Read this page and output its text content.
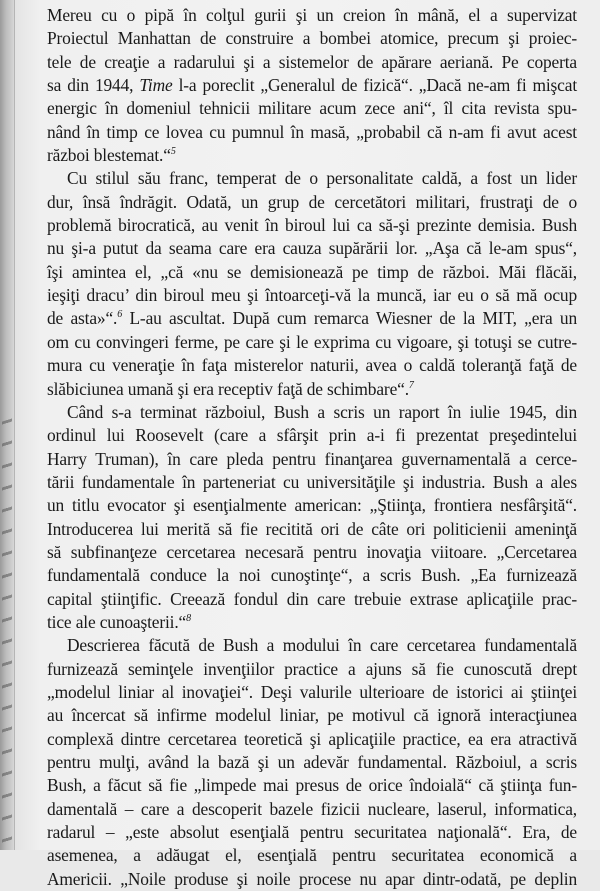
Mereu cu o pipă în colţul gurii şi un creion în mână, el a supervizat
Proiectul Manhattan de construire a bombei atomice, precum şi proiec-
tele de creaţie a radarului şi a sistemelor de apărare aeriană. Pe coperta
sa din 1944, Time l-a poreclit „Generalul de fizică“. „Dacă ne-am fi mişcat
energic în domeniul tehnicii militare acum zece ani“, îl cita revista spu-
nând în timp ce lovea cu pumnul în masă, „probabil că n-am fi avut acest
război blestemat.“$^5$
Cu stilul său franc, temperat de o personalitate caldă, a fost un lider
dur, însă îndrăgit. Odată, un grup de cercetători militari, frustraţi de o
problemă birocratică, au venit în biroul lui ca să-şi prezinte demisia. Bush
nu şi-a putut da seama care era cauza supărării lor. „Aşa că le-am spus“,
îşi amintea el, „că «nu se demisionează pe timp de război. Măi flăcăi,
ieşiţi dracu’ din biroul meu şi întoarceţi-vă la muncă, iar eu o să mă ocup
de asta»“.$^6$ L-au ascultat. După cum remarca Wiesner de la MIT, „era un
om cu convingeri ferme, pe care şi le exprima cu vigoare, şi totuşi se cutre-
mura cu veneraţie în faţa misterelor naturii, avea o caldă toleranţă faţă de
slăbiciunea umană şi era receptiv faţă de schimbare“.$^7$
Când s-a terminat războiul, Bush a scris un raport în iulie 1945, din
ordinul lui Roosevelt (care a sfârşit prin a-i fi prezentat preşedintelui
Harry Truman), în care pleda pentru finanţarea guvernamentală a cerce-
tării fundamentale în parteneriat cu universităţile şi industria. Bush a ales
un titlu evocator şi esenţialmente american: „Ştiinţa, frontiera nesfârşită“.
Introducerea lui merită să fie recitită ori de câte ori politicienii ameninţă
să subfinanţeze cercetarea necesară pentru inovaţia viitoare. „Cercetarea
fundamentală conduce la noi cunoştinţe“, a scris Bush. „Ea furnizează
capital ştiinţific. Creează fondul din care trebuie extrase aplicaţiile prac-
tice ale cunoaşterii.“$^8$
Descrierea făcută de Bush a modului în care cercetarea fundamentală
furnizează seminţele invenţiilor practice a ajuns să fie cunoscută drept
„modelul liniar al inovaţiei“. Deşi valurile ulterioare de istorici ai ştiinţei
au încercat să infirme modelul liniar, pe motivul că ignoră interacţiunea
complexă dintre cercetarea teoretică şi aplicaţiile practice, ea era atractivă
pentru mulţi, având la bază şi un adevăr fundamental. Războiul, a scris
Bush, a făcut să fie „limpede mai presus de orice îndoială“ că ştiinţa fun-
damentală – care a descoperit bazele fizicii nucleare, laserul, informatica,
radarul – „este absolut esenţială pentru securitatea naţională“. Era, de
asemenea, a adăugat el, esenţială pentru securitatea economică a
Americii. „Noile produse şi noile procese nu apar dintr-odată, pe deplin
